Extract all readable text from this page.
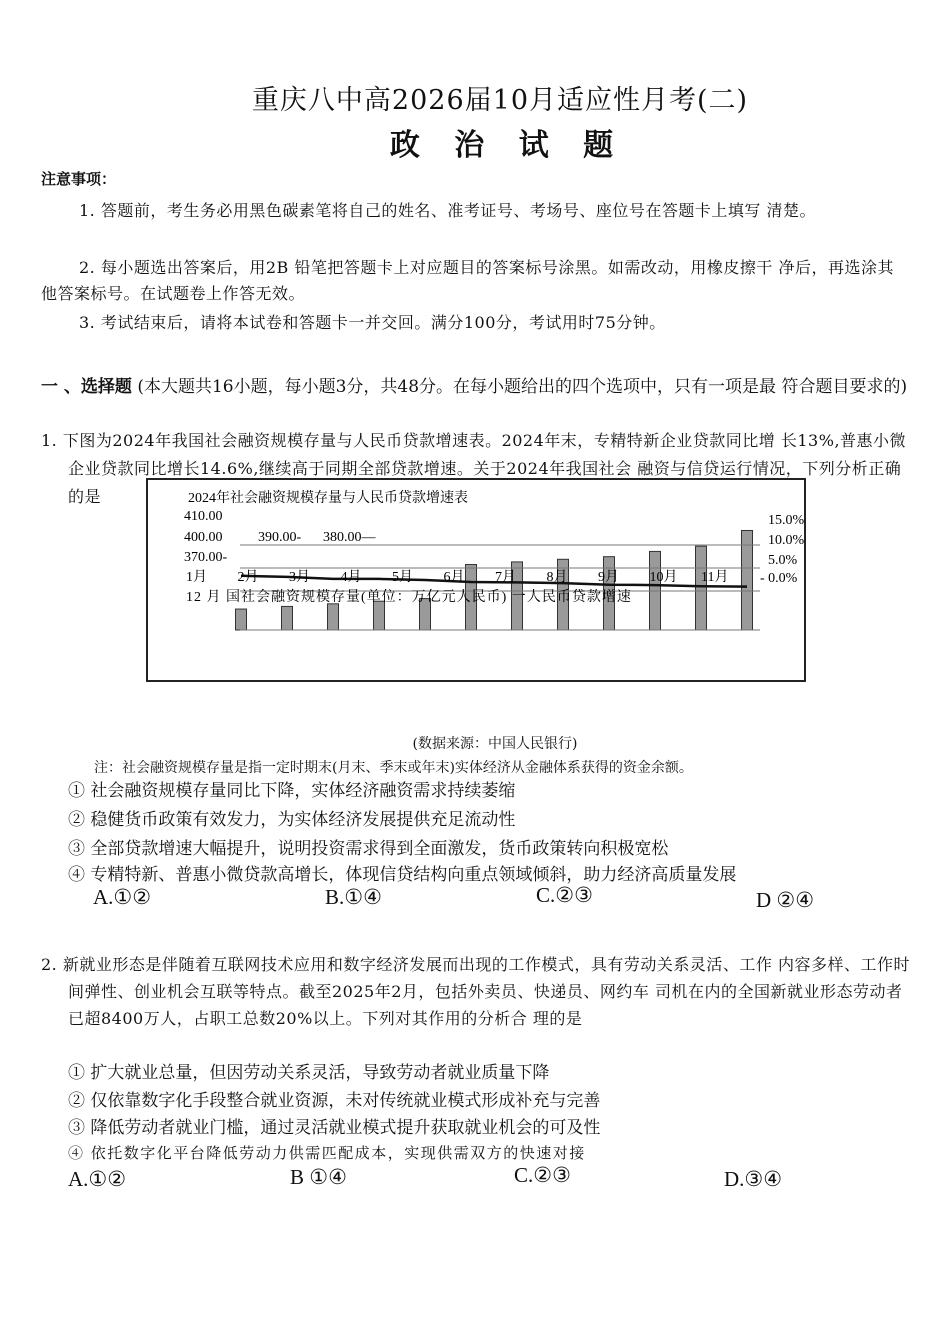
重庆八中高2026届10月适应性月考(二)
政 治 试 题
注意事项：
1. 答题前，考生务必用黑色碳素笔将自己的姓名、准考证号、考场号、座位号在答题卡上填写 清楚。
2. 每小题选出答案后，用2B 铅笔把答题卡上对应题目的答案标号涂黑。如需改动，用橡皮擦干 净后，再选涂其他答案标号。在试题卷上作答无效。
3. 考试结束后，请将本试卷和答题卡一并交回。满分100分，考试用时75分钟。
一 、选择题 (本大题共16小题，每小题3分，共48分。在每小题给出的四个选项中，只有一项是最 符合题目要求的)
1. 下图为2024年我国社会融资规模存量与人民币贷款增速表。2024年末，专精特新企业贷款同比增 长13%,普惠小微企业贷款同比增长14.6%,继续高于同期全部贷款增速。关于2024年我国社会 融资与信贷运行情况，下列分析正确的是	2024年社会融资规模存量与人民币贷款增速表
410.00
400.00	390.00- 380.00—
370.00-
15.0%
10.0%
5.0%
- 0.0%
1月 2月 3月 4月 5月 6月 7月 8月 9月 10月 11月
12 月 国社会融资规模存量(单位：万亿元人民币) 一人民币贷款增速
(数据来源：中国人民银行)
注：社会融资规模存量是指一定时期末(月末、季末或年末)实体经济从金融体系获得的资金余额。
① 社会融资规模存量同比下降，实体经济融资需求持续萎缩
② 稳健货币政策有效发力，为实体经济发展提供充足流动性
③ 全部贷款增速大幅提升，说明投资需求得到全面激发，货币政策转向积极宽松
④ 专精特新、普惠小微贷款高增长，体现信贷结构向重点领域倾斜，助力经济高质量发展
A.①②	B.①④	C.②③	D ②④
2. 新就业形态是伴随着互联网技术应用和数字经济发展而出现的工作模式，具有劳动关系灵活、工作 内容多样、工作时间弹性、创业机会互联等特点。截至2025年2月，包括外卖员、快递员、网约车 司机在内的全国新就业形态劳动者已超8400万人，占职工总数20%以上。下列对其作用的分析合 理的是
① 扩大就业总量，但因劳动关系灵活，导致劳动者就业质量下降
② 仅依靠数字化手段整合就业资源，未对传统就业模式形成补充与完善
③ 降低劳动者就业门槛，通过灵活就业模式提升获取就业机会的可及性
④ 依托数字化平台降低劳动力供需匹配成本，实现供需双方的快速对接
A.①②	B ①④	C.②③	D.③④
